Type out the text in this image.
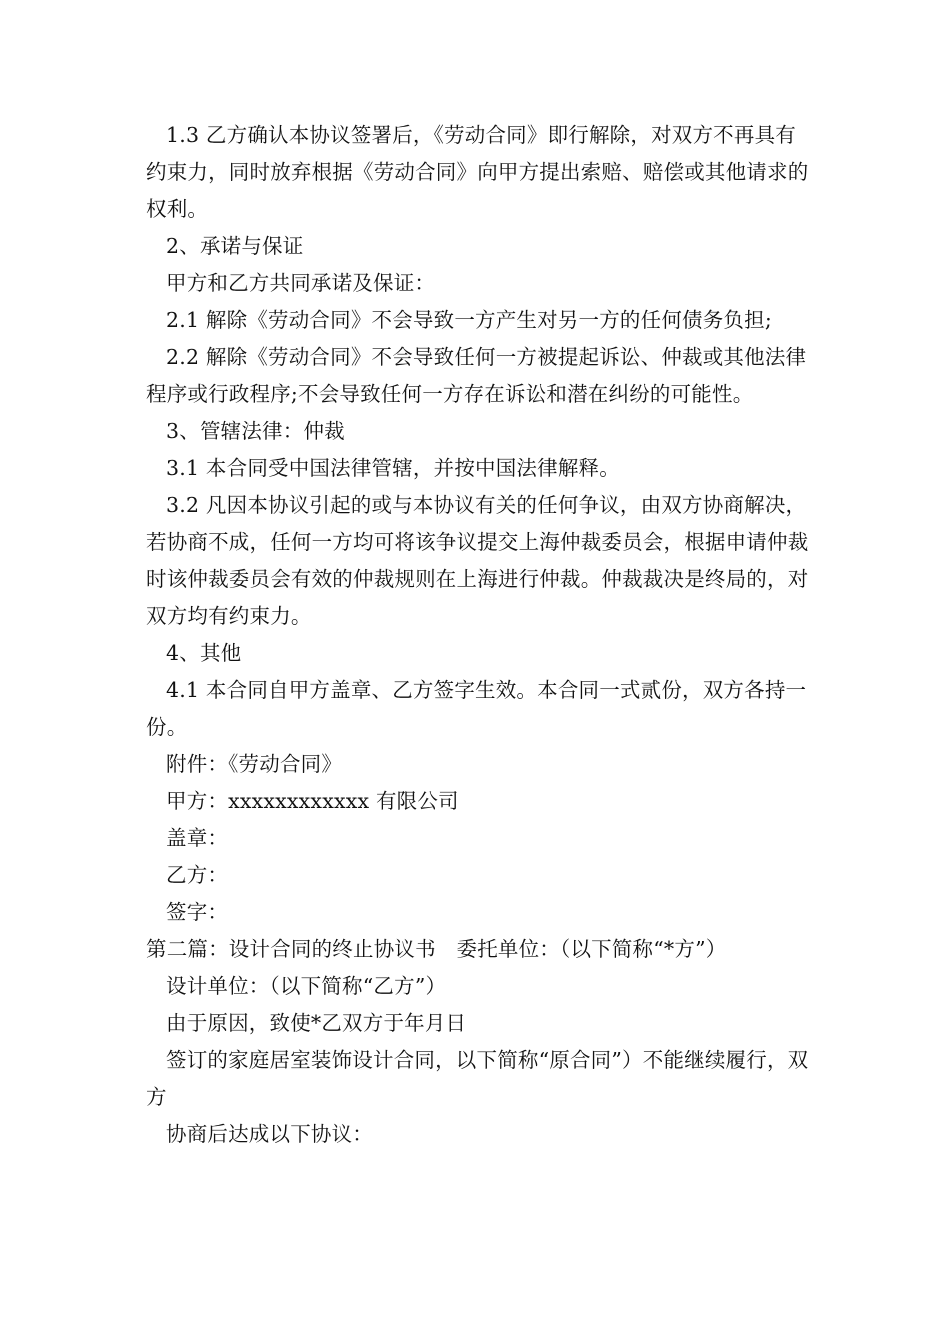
1.3 乙方确认本协议签署后，《劳动合同》即行解除，对双方不再具有约束力，同时放弃根据《劳动合同》向甲方提出索赔、赔偿或其他请求的权利。

2、承诺与保证

甲方和乙方共同承诺及保证：

2.1 解除《劳动合同》不会导致一方产生对另一方的任何债务负担;

2.2 解除《劳动合同》不会导致任何一方被提起诉讼、仲裁或其他法律程序或行政程序;不会导致任何一方存在诉讼和潜在纠纷的可能性。

3、管辖法律：仲裁

3.1 本合同受中国法律管辖，并按中国法律解释。

3.2 凡因本协议引起的或与本协议有关的任何争议，由双方协商解决，若协商不成，任何一方均可将该争议提交上海仲裁委员会，根据申请仲裁时该仲裁委员会有效的仲裁规则在上海进行仲裁。仲裁裁决是终局的，对双方均有约束力。

4、其他

4.1 本合同自甲方盖章、乙方签字生效。本合同一式贰份，双方各持一份。

附件：《劳动合同》

甲方：xxxxxxxxxxxx 有限公司

盖章：

乙方：

签字：

第二篇：设计合同的终止协议书　委托单位：（以下简称“*方”）

设计单位：（以下简称“乙方”）

由于原因，致使*乙双方于年月日

签订的家庭居室装饰设计合同，以下简称“原合同”）不能继续履行，双方

协商后达成以下协议：
